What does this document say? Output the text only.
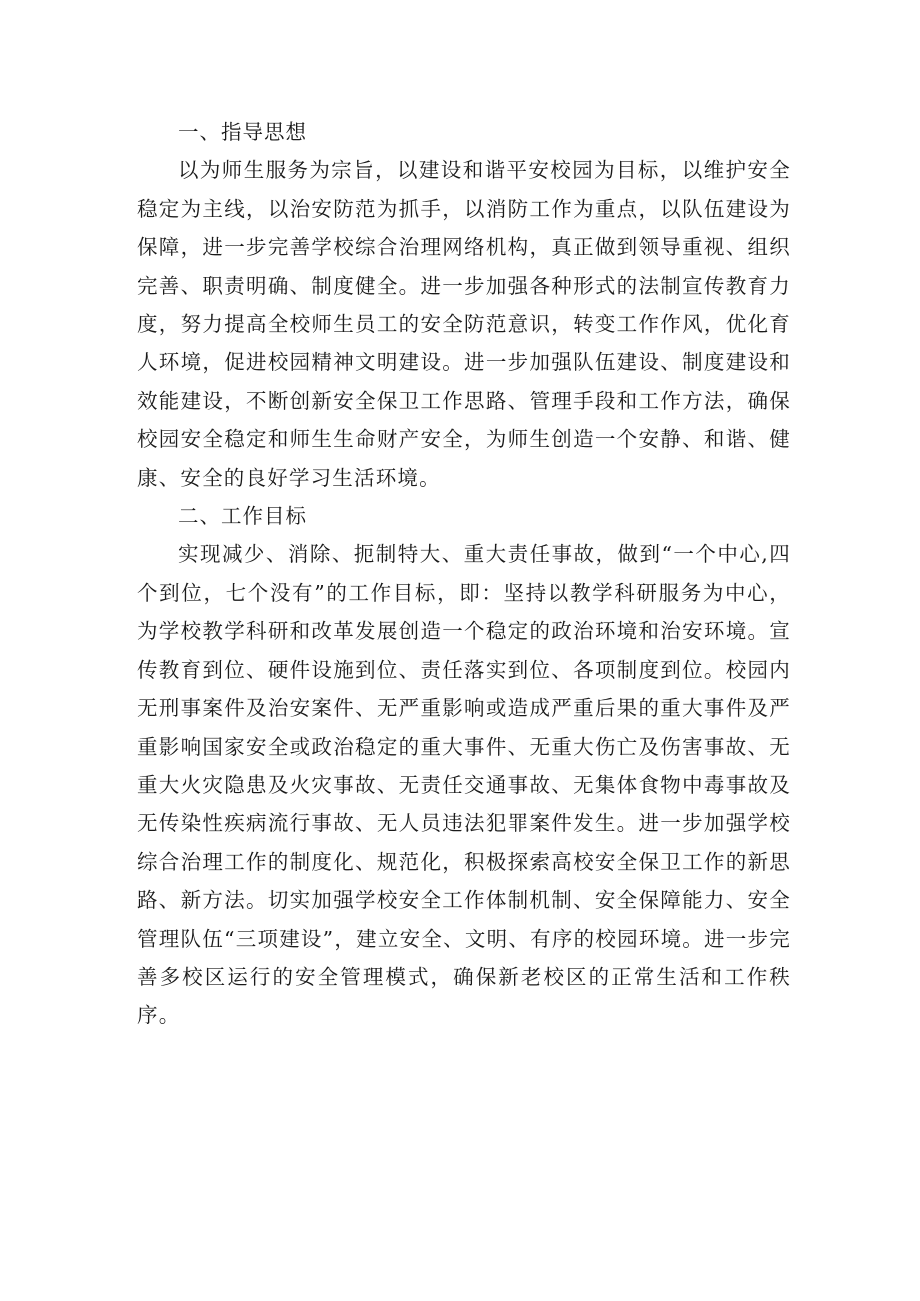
一、指导思想

以为师生服务为宗旨，以建设和谐平安校园为目标，以维护安全稳定为主线，以治安防范为抓手，以消防工作为重点，以队伍建设为保障，进一步完善学校综合治理网络机构，真正做到领导重视、组织完善、职责明确、制度健全。进一步加强各种形式的法制宣传教育力度，努力提高全校师生员工的安全防范意识，转变工作作风，优化育人环境，促进校园精神文明建设。进一步加强队伍建设、制度建设和效能建设，不断创新安全保卫工作思路、管理手段和工作方法，确保校园安全稳定和师生生命财产安全，为师生创造一个安静、和谐、健康、安全的良好学习生活环境。

二、工作目标

实现减少、消除、扼制特大、重大责任事故，做到“一个中心,四个到位，七个没有”的工作目标，即：坚持以教学科研服务为中心，为学校教学科研和改革发展创造一个稳定的政治环境和治安环境。宣传教育到位、硬件设施到位、责任落实到位、各项制度到位。校园内无刑事案件及治安案件、无严重影响或造成严重后果的重大事件及严重影响国家安全或政治稳定的重大事件、无重大伤亡及伤害事故、无重大火灾隐患及火灾事故、无责任交通事故、无集体食物中毒事故及无传染性疾病流行事故、无人员违法犯罪案件发生。进一步加强学校综合治理工作的制度化、规范化，积极探索高校安全保卫工作的新思路、新方法。切实加强学校安全工作体制机制、安全保障能力、安全管理队伍“三项建设”，建立安全、文明、有序的校园环境。进一步完善多校区运行的安全管理模式，确保新老校区的正常生活和工作秩序。
